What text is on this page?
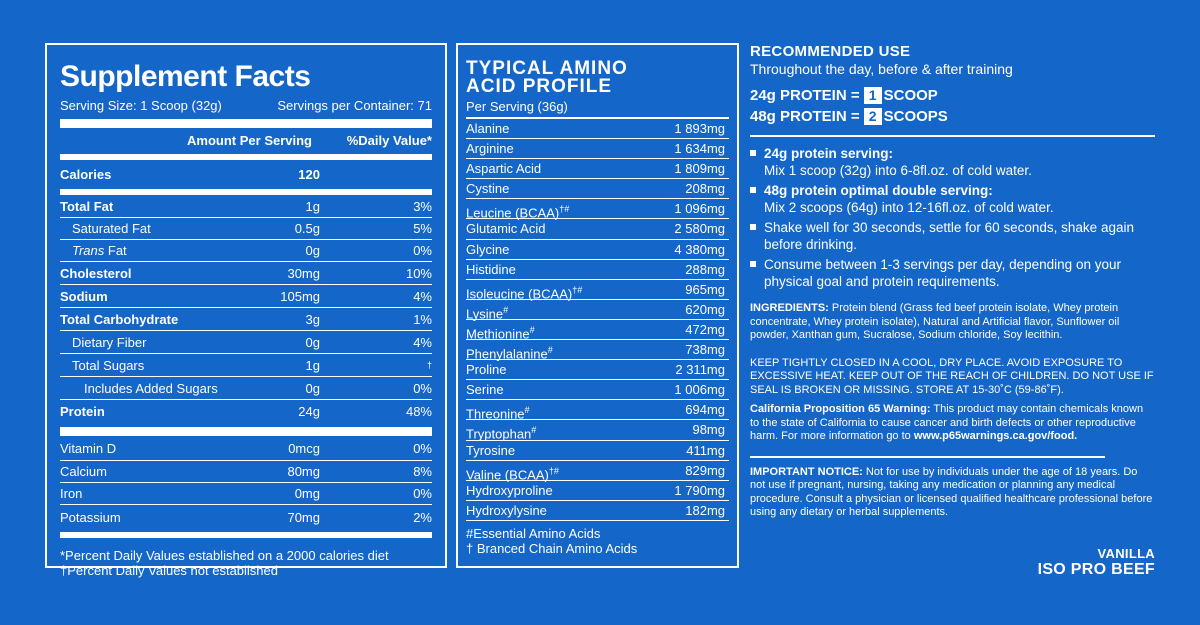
Supplement Facts
Serving Size: 1 Scoop (32g)	Servings per Container: 71
Amount Per Serving	%Daily Value*
Calories	120
Total Fat	1g	3%
Saturated Fat	0.5g	5%
Trans Fat	0g	0%
Cholesterol	30mg	10%
Sodium	105mg	4%
Total Carbohydrate	3g	1%
Dietary Fiber	0g	4%
Total Sugars	1g	†
Includes Added Sugars	0g	0%
Protein	24g	48%
Vitamin D	0mcg	0%
Calcium	80mg	8%
Iron	0mg	0%
Potassium	70mg	2%
*Percent Daily Values established on a 2000 calories diet
†Percent Daily Values not established
TYPICAL AMINO
ACID PROFILE
Per Serving (36g)
Alanine	1 893mg
Arginine	1 634mg
Aspartic Acid	1 809mg
Cystine	208mg
Leucine (BCAA)†#	1 096mg
Glutamic Acid	2 580mg
Glycine	4 380mg
Histidine	288mg
Isoleucine (BCAA)†#	965mg
Lysine#	620mg
Methionine#	472mg
Phenylalanine#	738mg
Proline	2 311mg
Serine	1 006mg
Threonine#	694mg
Tryptophan#	98mg
Tyrosine	411mg
Valine (BCAA)†#	829mg
Hydroxyproline	1 790mg
Hydroxylysine	182mg
#Essential Amino Acids
† Branced Chain Amino Acids
RECOMMENDED USE
Throughout the day, before & after training
24g PROTEIN = 1 SCOOP
48g PROTEIN = 2 SCOOPS
24g protein serving:
Mix 1 scoop (32g) into 6-8fl.oz. of cold water.
48g protein optimal double serving:
Mix 2 scoops (64g) into 12-16fl.oz. of cold water.
Shake well for 30 seconds, settle for 60 seconds, shake again before drinking.
Consume between 1-3 servings per day, depending on your physical goal and protein requirements.
INGREDIENTS: Protein blend (Grass fed beef protein isolate, Whey protein concentrate, Whey protein isolate), Natural and Artificial flavor, Sunflower oil powder, Xanthan gum, Sucralose, Sodium chloride, Soy lecithin.
KEEP TIGHTLY CLOSED IN A COOL, DRY PLACE. AVOID EXPOSURE TO EXCESSIVE HEAT. KEEP OUT OF THE REACH OF CHILDREN. DO NOT USE IF SEAL IS BROKEN OR MISSING. STORE AT 15-30˚C (59-86˚F).
California Proposition 65 Warning: This product may contain chemicals known to the state of California to cause cancer and birth defects or other reproductive harm. For more information go to www.p65warnings.ca.gov/food.
IMPORTANT NOTICE: Not for use by individuals under the age of 18 years. Do not use if pregnant, nursing, taking any medication or planning any medical procedure. Consult a physician or licensed qualified healthcare professional before using any dietary or herbal supplements.
VANILLA
ISO PRO BEEF
